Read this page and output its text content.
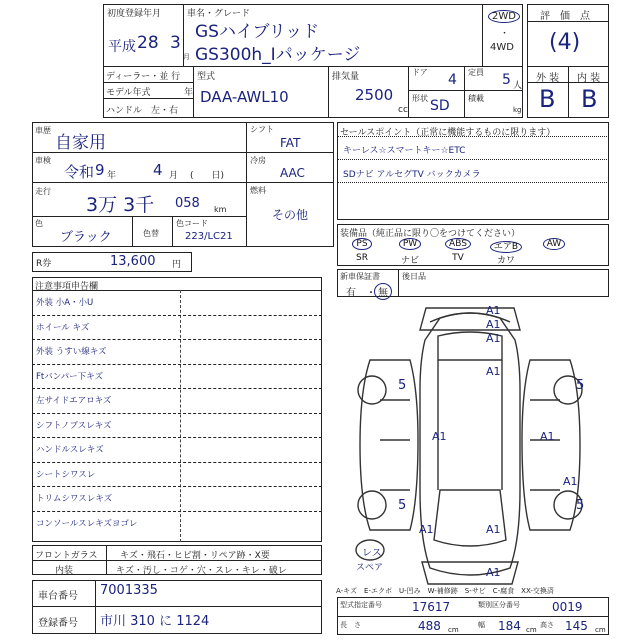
初度登録年月
平成 28 3
月
車名・グレード
GSハイブリッド
GS300h_Iパッケージ
2WD
・
4WD
ディーラー・並 行
モデル年式	年
ハンドル　左・右
型式
DAA-AWL10
排気量
2500
cc
ドア 4
形状 SD
定員 5 人
積載
kg
評　価　点
(4)
外 装 内 装
B B
車歴
自家用
車検
令和 9 年 4 月 (　　日)
走行
3万 3千 058 km
色
ブラック	色替
色コード
223/LC21
シフト
FAT
冷房
AAC
燃料
その他
R券	13,600 円
セールスポイント（正常に機能するものに限ります）
キーレス☆スマートキー☆ETC
SDナビ アルセグTV バックカメラ
装備品（純正品に限り〇をつけてください）
PS	PW	ABS	エアB	AW
SR	ナビ	TV	カワ
新車保証書	後日品
有　・ 無
注意事項申告欄
外装 小A・小U
ホイール キズ
外装 うすい線キズ
Ftバンパー下キズ
左サイドエアロキズ
シフトノブスレキズ
ハンドルスレキズ
シートシワスレ
トリムシワスレキズ
コンソールスレキズヨゴレ
フロントガラス	キズ・飛石・ヒビ割・リペア跡・X要
内装	キズ・汚し・コゲ・穴・スレ・キレ・破レ
車台番号 7001335
登録番号 市川 310 に 1124
A1
A1
A1
A1
A1	A1
A1
A1	A1
A1
5	5
5	5
レス
スペア
A-キズ　E-エクボ　U-凹み　W-補修跡　S-サビ　C-腐食　XX-交換済
型式指定番号	17617	類別区分番号	0019
長　さ	488 cm
幅 184 cm
高さ 145 cm
